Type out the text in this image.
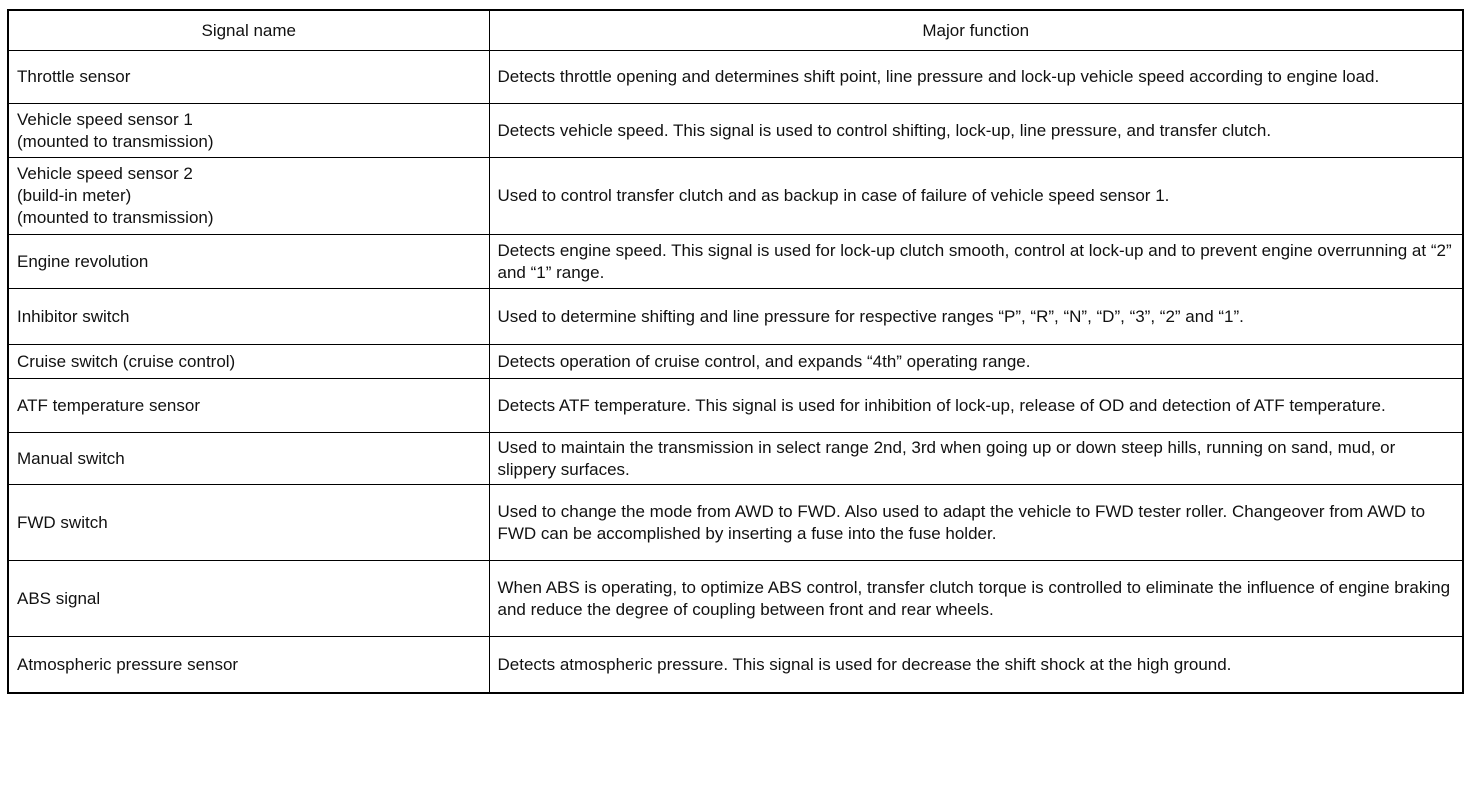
Signal name	Major function
Throttle sensor	Detects throttle opening and determines shift point, line pressure and lock-up vehicle speed according to engine load.
Vehicle speed sensor 1
(mounted to transmission)	Detects vehicle speed. This signal is used to control shifting, lock-up, line pressure, and transfer clutch.
Vehicle speed sensor 2
(build-in meter)
(mounted to transmission)	Used to control transfer clutch and as backup in case of failure of vehicle speed sensor 1.
Engine revolution	Detects engine speed. This signal is used for lock-up clutch smooth, control at lock-up and to prevent engine overrunning at “2” and “1” range.
Inhibitor switch	Used to determine shifting and line pressure for respective ranges “P”, “R”, “N”, “D”, “3”, “2” and “1”.
Cruise switch (cruise control)	Detects operation of cruise control, and expands “4th” operating range.
ATF temperature sensor	Detects ATF temperature. This signal is used for inhibition of lock-up, release of OD and detection of ATF temperature.
Manual switch	Used to maintain the transmission in select range 2nd, 3rd when going up or down steep hills, running on sand, mud, or slippery surfaces.
FWD switch	Used to change the mode from AWD to FWD. Also used to adapt the vehicle to FWD tester roller. Changeover from AWD to FWD can be accomplished by inserting a fuse into the fuse holder.
ABS signal	When ABS is operating, to optimize ABS control, transfer clutch torque is controlled to eliminate the influence of engine braking and reduce the degree of coupling between front and rear wheels.
Atmospheric pressure sensor	Detects atmospheric pressure. This signal is used for decrease the shift shock at the high ground.
